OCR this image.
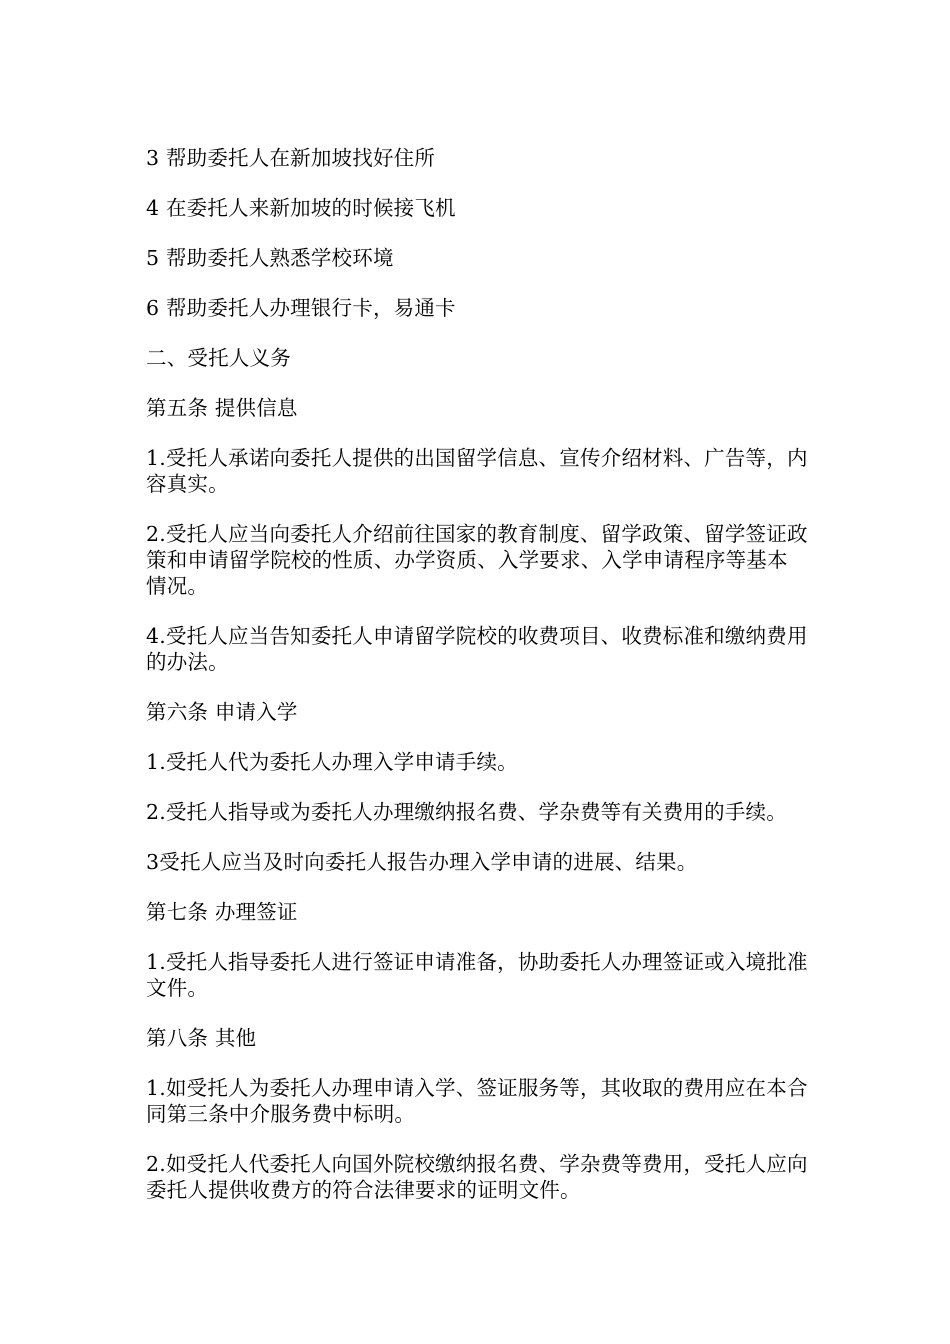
3 帮助委托人在新加坡找好住所

4 在委托人来新加坡的时候接飞机

5 帮助委托人熟悉学校环境

6 帮助委托人办理银行卡，易通卡

二、受托人义务

第五条 提供信息

1.受托人承诺向委托人提供的出国留学信息、宣传介绍材料、广告等，内容真实。

2.受托人应当向委托人介绍前往国家的教育制度、留学政策、留学签证政策和申请留学院校的性质、办学资质、入学要求、入学申请程序等基本情况。

4.受托人应当告知委托人申请留学院校的收费项目、收费标准和缴纳费用的办法。

第六条 申请入学

1.受托人代为委托人办理入学申请手续。

2.受托人指导或为委托人办理缴纳报名费、学杂费等有关费用的手续。

3受托人应当及时向委托人报告办理入学申请的进展、结果。

第七条 办理签证

1.受托人指导委托人进行签证申请准备，协助委托人办理签证或入境批准文件。

第八条 其他

1.如受托人为委托人办理申请入学、签证服务等，其收取的费用应在本合同第三条中介服务费中标明。

2.如受托人代委托人向国外院校缴纳报名费、学杂费等费用，受托人应向委托人提供收费方的符合法律要求的证明文件。
